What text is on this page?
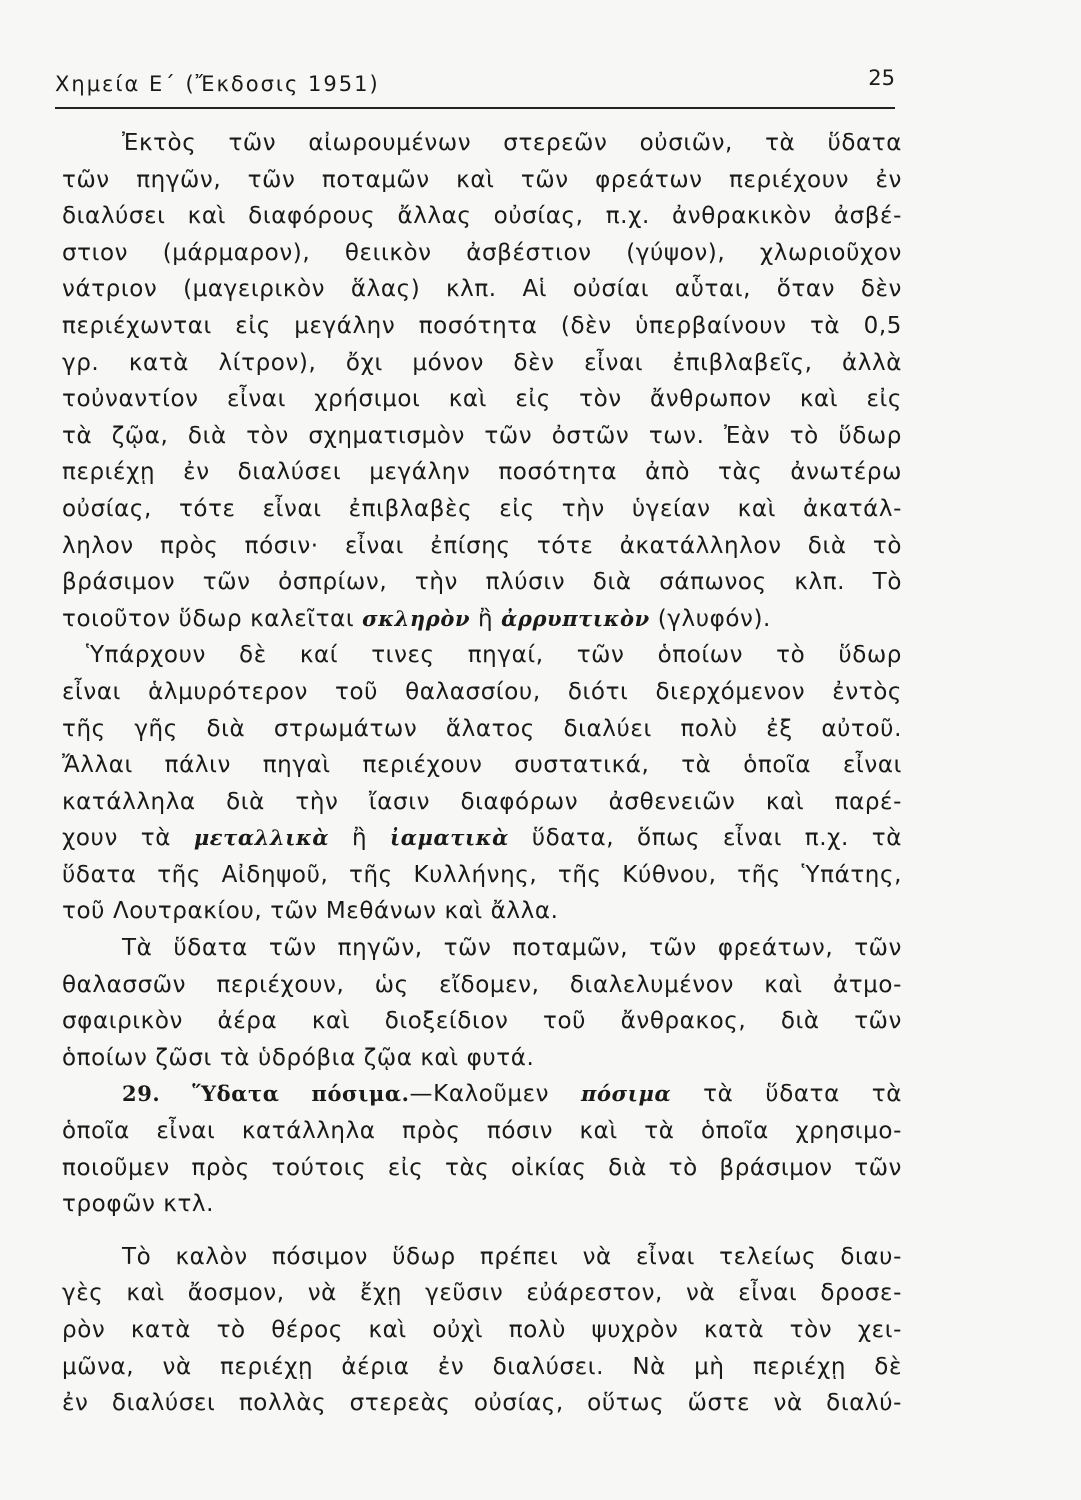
Χημεία Ε΄ (Ἔκδοσις 1951)	25
Ἐκτὸς τῶν αἰωρουμένων στερεῶν οὐσιῶν, τὰ ὕδατα
τῶν πηγῶν, τῶν ποταμῶν καὶ τῶν φρεάτων περιέχουν ἐν
διαλύσει καὶ διαφόρους ἄλλας οὐσίας, π.χ. ἀνθρακικὸν ἀσβέ-
στιον (μάρμαρον), θειικὸν ἀσβέστιον (γύψον), χλωριοῦχον
νάτριον (μαγειρικὸν ἅλας) κλπ. Αἱ οὐσίαι αὗται, ὅταν δὲν
περιέχωνται εἰς μεγάλην ποσότητα (δὲν ὑπερβαίνουν τὰ 0,5
γρ. κατὰ λίτρον), ὄχι μόνον δὲν εἶναι ἐπιβλαβεῖς, ἀλλὰ
τοὐναντίον εἶναι χρήσιμοι καὶ εἰς τὸν ἄνθρωπον καὶ εἰς
τὰ ζῷα, διὰ τὸν σχηματισμὸν τῶν ὀστῶν των. Ἐὰν τὸ ὕδωρ
περιέχῃ ἐν διαλύσει μεγάλην ποσότητα ἀπὸ τὰς ἀνωτέρω
οὐσίας, τότε εἶναι ἐπιβλαβὲς εἰς τὴν ὑγείαν καὶ ἀκατάλ-
ληλον πρὸς πόσιν· εἶναι ἐπίσης τότε ἀκατάλληλον διὰ τὸ
βράσιμον τῶν ὀσπρίων, τὴν πλύσιν διὰ σάπωνος κλπ. Τὸ
τοιοῦτον ὕδωρ καλεῖται σκληρὸν ἢ ἀρρυπτικὸν (γλυφόν).
Ὑπάρχουν δὲ καί τινες πηγαί, τῶν ὁποίων τὸ ὕδωρ
εἶναι ἁλμυρότερον τοῦ θαλασσίου, διότι διερχόμενον ἐντὸς
τῆς γῆς διὰ στρωμάτων ἅλατος διαλύει πολὺ ἐξ αὐτοῦ.
Ἄλλαι πάλιν πηγαὶ περιέχουν συστατικά, τὰ ὁποῖα εἶναι
κατάλληλα διὰ τὴν ἴασιν διαφόρων ἀσθενειῶν καὶ παρέ-
χουν τὰ μεταλλικὰ ἢ ἰαματικὰ ὕδατα, ὅπως εἶναι π.χ. τὰ
ὕδατα τῆς Αἰδηψοῦ, τῆς Κυλλήνης, τῆς Κύθνου, τῆς Ὑπάτης,
τοῦ Λουτρακίου, τῶν Μεθάνων καὶ ἄλλα.
Τὰ ὕδατα τῶν πηγῶν, τῶν ποταμῶν, τῶν φρεάτων, τῶν
θαλασσῶν περιέχουν, ὡς εἴδομεν, διαλελυμένον καὶ ἀτμο-
σφαιρικὸν ἀέρα καὶ διοξείδιον τοῦ ἄνθρακος, διὰ τῶν
ὁποίων ζῶσι τὰ ὑδρόβια ζῷα καὶ φυτά.
29. Ὕδατα πόσιμα.—Καλοῦμεν πόσιμα τὰ ὕδατα τὰ
ὁποῖα εἶναι κατάλληλα πρὸς πόσιν καὶ τὰ ὁποῖα χρησιμο-
ποιοῦμεν πρὸς τούτοις εἰς τὰς οἰκίας διὰ τὸ βράσιμον τῶν
τροφῶν κτλ.
Τὸ καλὸν πόσιμον ὕδωρ πρέπει νὰ εἶναι τελείως διαυ-
γὲς καὶ ἄοσμον, νὰ ἔχῃ γεῦσιν εὐάρεστον, νὰ εἶναι δροσε-
ρὸν κατὰ τὸ θέρος καὶ οὐχὶ πολὺ ψυχρὸν κατὰ τὸν χει-
μῶνα, νὰ περιέχῃ ἀέρια ἐν διαλύσει. Νὰ μὴ περιέχῃ δὲ
ἐν διαλύσει πολλὰς στερεὰς οὐσίας, οὕτως ὥστε νὰ διαλύ-
